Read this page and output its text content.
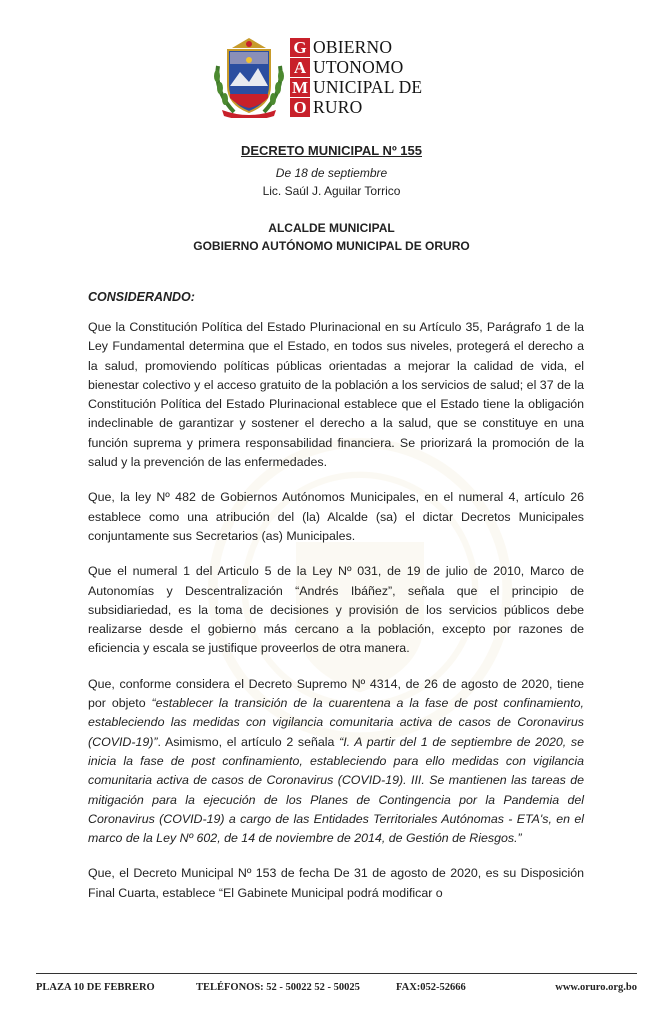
G
A
M
O
OBIERNO
UTONOMO
UNICIPAL DE
RURO
DECRETO MUNICIPAL Nº 155
De 18 de septiembre
Lic. Saúl J. Aguilar Torrico
ALCALDE MUNICIPAL
GOBIERNO AUTÓNOMO MUNICIPAL DE ORURO
CONSIDERANDO:

Que la Constitución Política del Estado Plurinacional en su Artículo 35, Parágrafo 1 de la Ley Fundamental determina que el Estado, en todos sus niveles, protegerá el derecho a la salud, promoviendo políticas públicas orientadas a mejorar la calidad de vida, el bienestar colectivo y el acceso gratuito de la población a los servicios de salud; el 37 de la Constitución Política del Estado Plurinacional establece que el Estado tiene la obligación indeclinable de garantizar y sostener el derecho a la salud, que se constituye en una función suprema y primera responsabilidad financiera. Se priorizará la promoción de la salud y la prevención de las enfermedades.

Que, la ley Nº 482 de Gobiernos Autónomos Municipales, en el numeral 4, artículo 26 establece como una atribución del (la) Alcalde (sa) el dictar Decretos Municipales conjuntamente sus Secretarios (as) Municipales.

Que el numeral 1 del Articulo 5 de la Ley Nº 031, de 19 de julio de 2010, Marco de Autonomías y Descentralización “Andrés Ibáñez”, señala que el principio de subsidiariedad, es la toma de decisiones y provisión de los servicios públicos debe realizarse desde el gobierno más cercano a la población, excepto por razones de eficiencia y escala se justifique proveerlos de otra manera.

Que, conforme considera el Decreto Supremo Nº 4314, de 26 de agosto de 2020, tiene por objeto “establecer la transición de la cuarentena a la fase de post confinamiento, estableciendo las medidas con vigilancia comunitaria activa de casos de Coronavirus (COVID-19)”. Asimismo, el artículo 2 señala “I. A partir del 1 de septiembre de 2020, se inicia la fase de post confinamiento, estableciendo para ello medidas con vigilancia comunitaria activa de casos de Coronavirus (COVID-19). III. Se mantienen las tareas de mitigación para la ejecución de los Planes de Contingencia por la Pandemia del Coronavirus (COVID-19) a cargo de las Entidades Territoriales Autónomas - ETA's, en el marco de la Ley Nº 602, de 14 de noviembre de 2014, de Gestión de Riesgos.”

Que, el Decreto Municipal Nº 153 de fecha De 31 de agosto de 2020, es su Disposición Final Cuarta, establece “El Gabinete Municipal podrá modificar o

PLAZA 10 DE FEBRERO	TELÉFONOS: 52 - 50022 52 - 50025	FAX:052-52666	www.oruro.org.bo
